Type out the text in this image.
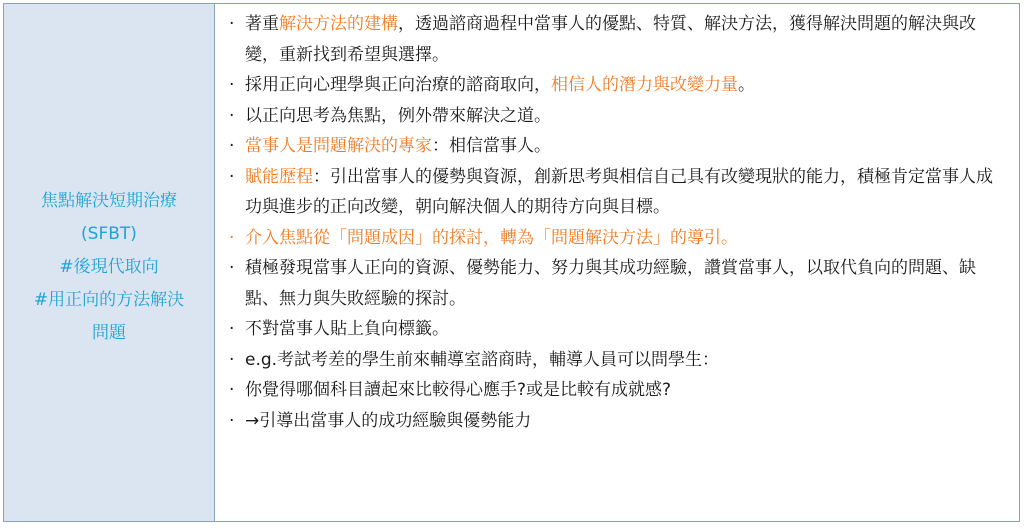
焦點解決短期治療
(SFBT)
#後現代取向
#用正向的方法解決
問題
· 著重解決方法的建構，透過諮商過程中當事人的優點、特質、解決方法，獲得解決問題的解決與改變，重新找到希望與選擇。
· 採用正向心理學與正向治療的諮商取向，相信人的潛力與改變力量。
· 以正向思考為焦點，例外帶來解決之道。
· 當事人是問題解決的專家：相信當事人。
· 賦能歷程：引出當事人的優勢與資源，創新思考與相信自己具有改變現狀的能力，積極肯定當事人成功與進步的正向改變，朝向解決個人的期待方向與目標。
· 介入焦點從「問題成因」的探討，轉為「問題解決方法」的導引。
· 積極發現當事人正向的資源、優勢能力、努力與其成功經驗，讚賞當事人，以取代負向的問題、缺點、無力與失敗經驗的探討。
· 不對當事人貼上負向標籤。
· e.g.考試考差的學生前來輔導室諮商時，輔導人員可以問學生：
· 你覺得哪個科目讀起來比較得心應手?或是比較有成就感?
· →引導出當事人的成功經驗與優勢能力
